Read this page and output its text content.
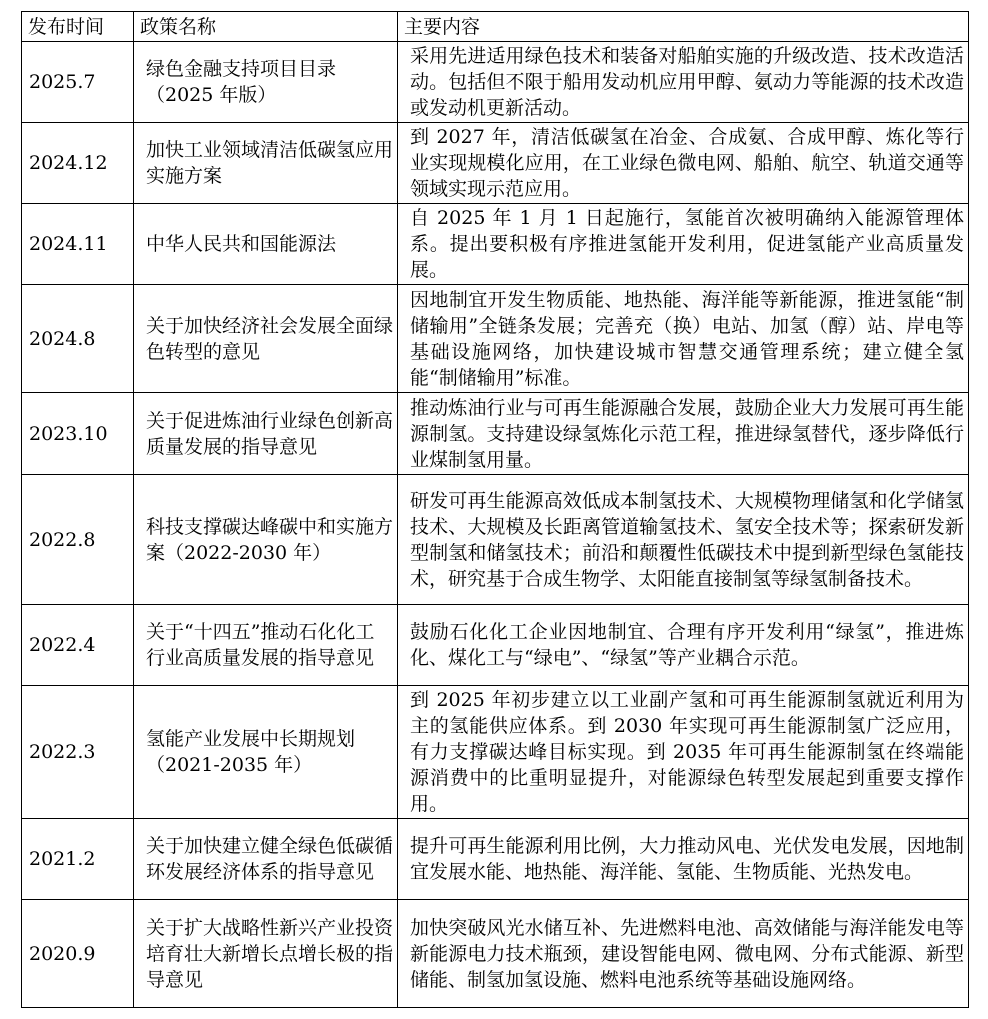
发布时间	政策名称	主要内容
2025.7	绿色金融支持项目目录（2025 年版）	采用先进适用绿色技术和装备对船舶实施的升级改造、技术改造活动。包括但不限于船用发动机应用甲醇、氨动力等能源的技术改造或发动机更新活动。
2024.12	加快工业领域清洁低碳氢应用实施方案	到 2027 年，清洁低碳氢在冶金、合成氨、合成甲醇、炼化等行业实现规模化应用，在工业绿色微电网、船舶、航空、轨道交通等领域实现示范应用。
2024.11	中华人民共和国能源法	自 2025 年 1 月 1 日起施行，氢能首次被明确纳入能源管理体系。提出要积极有序推进氢能开发利用，促进氢能产业高质量发展。
2024.8	关于加快经济社会发展全面绿色转型的意见	因地制宜开发生物质能、地热能、海洋能等新能源，推进氢能“制储输用”全链条发展；完善充（换）电站、加氢（醇）站、岸电等基础设施网络，加快建设城市智慧交通管理系统；建立健全氢能“制储输用”标准。
2023.10	关于促进炼油行业绿色创新高质量发展的指导意见	推动炼油行业与可再生能源融合发展，鼓励企业大力发展可再生能源制氢。支持建设绿氢炼化示范工程，推进绿氢替代，逐步降低行业煤制氢用量。
2022.8	科技支撑碳达峰碳中和实施方案（2022-2030 年）	研发可再生能源高效低成本制氢技术、大规模物理储氢和化学储氢技术、大规模及长距离管道输氢技术、氢安全技术等；探索研发新型制氢和储氢技术；前沿和颠覆性低碳技术中提到新型绿色氢能技术，研究基于合成生物学、太阳能直接制氢等绿氢制备技术。
2022.4	关于“十四五”推动石化化工行业高质量发展的指导意见	鼓励石化化工企业因地制宜、合理有序开发利用“绿氢”，推进炼化、煤化工与“绿电”、“绿氢”等产业耦合示范。
2022.3	氢能产业发展中长期规划（2021-2035 年）	到 2025 年初步建立以工业副产氢和可再生能源制氢就近利用为主的氢能供应体系。到 2030 年实现可再生能源制氢广泛应用，有力支撑碳达峰目标实现。到 2035 年可再生能源制氢在终端能源消费中的比重明显提升，对能源绿色转型发展起到重要支撑作用。
2021.2	关于加快建立健全绿色低碳循环发展经济体系的指导意见	提升可再生能源利用比例，大力推动风电、光伏发电发展，因地制宜发展水能、地热能、海洋能、氢能、生物质能、光热发电。
2020.9	关于扩大战略性新兴产业投资培育壮大新增长点增长极的指导意见	加快突破风光水储互补、先进燃料电池、高效储能与海洋能发电等新能源电力技术瓶颈，建设智能电网、微电网、分布式能源、新型储能、制氢加氢设施、燃料电池系统等基础设施网络。
